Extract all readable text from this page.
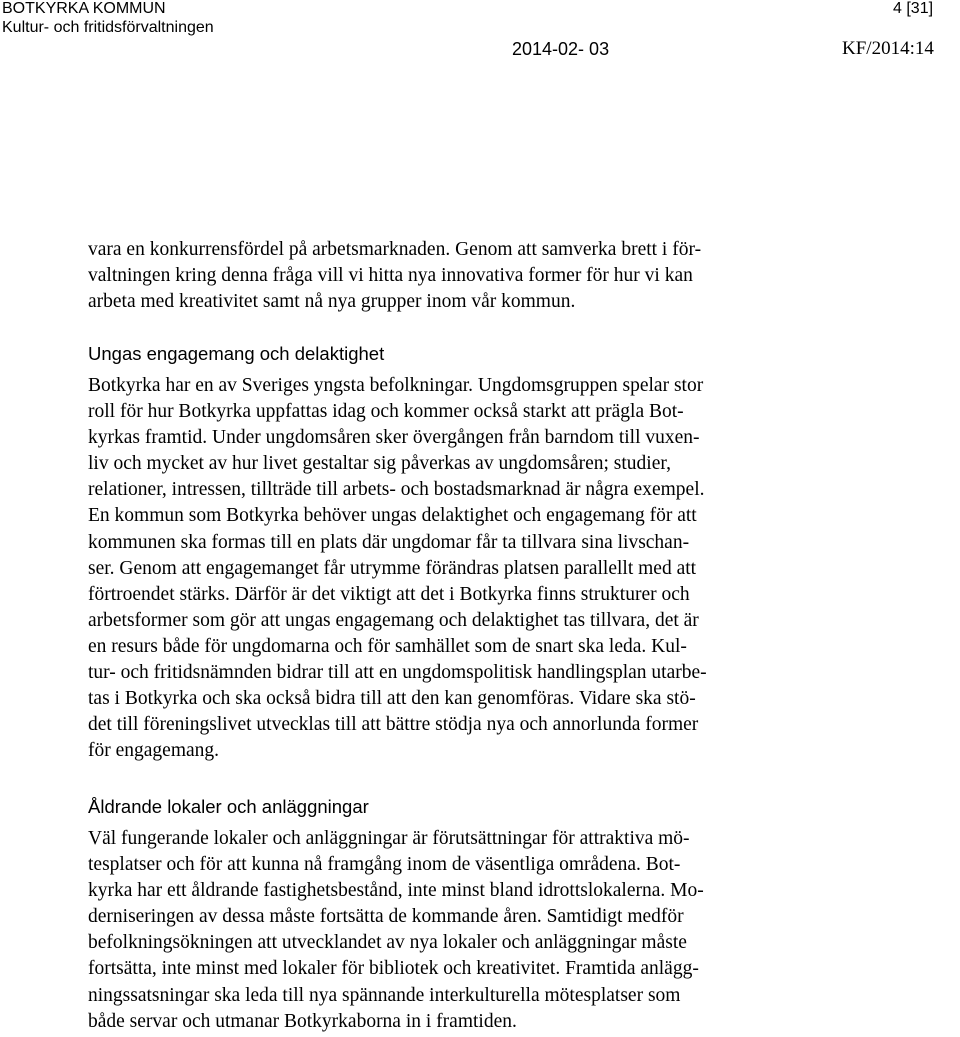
BOTKYRKA KOMMUN
Kultur- och fritidsförvaltningen
4 [31]
2014-02- 03	KF/2014:14
vara en konkurrensfördel på arbetsmarknaden. Genom att samverka brett i för-
valtningen kring denna fråga vill vi hitta nya innovativa former för hur vi kan
arbeta med kreativitet samt nå nya grupper inom vår kommun.
Ungas engagemang och delaktighet
Botkyrka har en av Sveriges yngsta befolkningar. Ungdomsgruppen spelar stor
roll för hur Botkyrka uppfattas idag och kommer också starkt att prägla Bot-
kyrkas framtid. Under ungdomsåren sker övergången från barndom till vuxen-
liv och mycket av hur livet gestaltar sig påverkas av ungdomsåren; studier,
relationer, intressen, tillträde till arbets- och bostadsmarknad är några exempel.
En kommun som Botkyrka behöver ungas delaktighet och engagemang för att
kommunen ska formas till en plats där ungdomar får ta tillvara sina livschan-
ser. Genom att engagemanget får utrymme förändras platsen parallellt med att
förtroendet stärks. Därför är det viktigt att det i Botkyrka finns strukturer och
arbetsformer som gör att ungas engagemang och delaktighet tas tillvara, det är
en resurs både för ungdomarna och för samhället som de snart ska leda. Kul-
tur- och fritidsnämnden bidrar till att en ungdomspolitisk handlingsplan utarbe-
tas i Botkyrka och ska också bidra till att den kan genomföras. Vidare ska stö-
det till föreningslivet utvecklas till att bättre stödja nya och annorlunda former
för engagemang.
Åldrande lokaler och anläggningar
Väl fungerande lokaler och anläggningar är förutsättningar för attraktiva mö-
tesplatser och för att kunna nå framgång inom de väsentliga områdena. Bot-
kyrka har ett åldrande fastighetsbestånd, inte minst bland idrottslokalerna. Mo-
derniseringen av dessa måste fortsätta de kommande åren. Samtidigt medför
befolkningsökningen att utvecklandet av nya lokaler och anläggningar måste
fortsätta, inte minst med lokaler för bibliotek och kreativitet. Framtida anlägg-
ningssatsningar ska leda till nya spännande interkulturella mötesplatser som
både servar och utmanar Botkyrkaborna in i framtiden.
